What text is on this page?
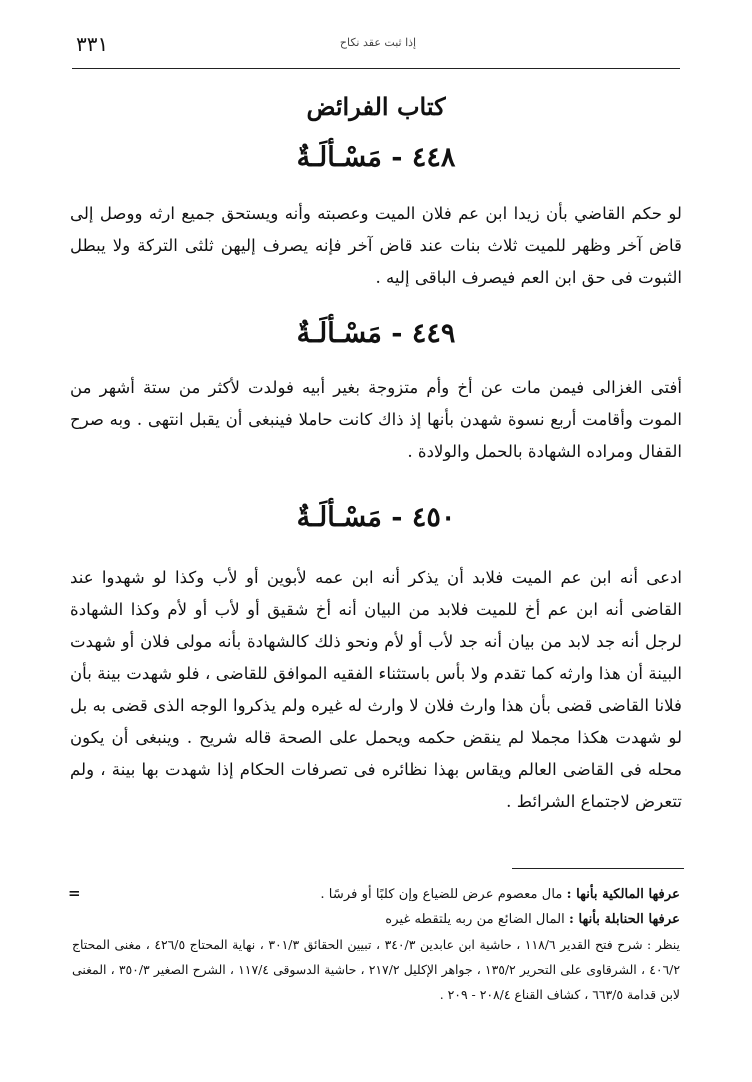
٣٣١	إذا ثبت عقد نكاح
كتاب الفرائض
٤٤٨ - مَسْـألَـةٌ

لو حكم القاضي بأن زيدا ابن عم فلان الميت وعصبته وأنه ويستحق جميع ارثه ووصل إلى قاض آخر وظهر للميت ثلاث بنات عند قاض آخر فإنه يصرف إليهن ثلثى التركة ولا يبطل الثبوت فى حق ابن العم فيصرف الباقى إليه .

٤٤٩ - مَسْـألَـةٌ

أفتى الغزالى فيمن مات عن أخ وأم متزوجة بغير أبيه فولدت لأكثر من ستة أشهر من الموت وأقامت أربع نسوة شهدن بأنها إذ ذاك كانت حاملا فينبغى أن يقبل انتهى . وبه صرح القفال ومراده الشهادة بالحمل والولادة .

٤٥٠ - مَسْـألَـةٌ

ادعى أنه ابن عم الميت فلابد أن يذكر أنه ابن عمه لأبوين أو لأب وكذا لو شهدوا عند القاضى أنه ابن عم أخ للميت فلابد من البيان أنه أخ شقيق أو لأب أو لأم وكذا الشهادة لرجل أنه جد لابد من بيان أنه جد لأب أو لأم ونحو ذلك كالشهادة بأنه مولى فلان أو شهدت البينة أن هذا وارثه كما تقدم ولا بأس باستثناء الفقيه الموافق للقاضى ، فلو شهدت بينة بأن فلانا القاضى قضى بأن هذا وارث فلان لا وارث له غيره ولم يذكروا الوجه الذى قضى به بل لو شهدت هكذا مجملا لم ينقض حكمه ويحمل على الصحة قاله شريح . وينبغى أن يكون محله فى القاضى العالم ويقاس بهذا نظائره فى تصرفات الحكام إذا شهدت بها بينة ، ولم تتعرض لاجتماع الشرائط .

=	عرفها المالكية بأنها : مال معصوم عرض للضياع وإن كلبًا أو فرسًا .

عرفها الحنابلة بأنها : المال الضائع من ربه يلتقطه غيره

ينظر : شرح فتح القدير ١١٨/٦ ، حاشية ابن عابدين ٣٤٠/٣ ، تبيين الحقائق ٣٠١/٣ ، نهاية المحتاج ٤٢٦/٥ ، مغنى المحتاج ٤٠٦/٢ ، الشرقاوى على التحرير ١٣٥/٢ ، جواهر الإكليل ٢١٧/٢ ، حاشية الدسوقى ١١٧/٤ ، الشرح الصغير ٣٥٠/٣ ، المغنى لابن قدامة ٦٦٣/٥ ، كشاف القناع ٢٠٨/٤ - ٢٠٩ .
